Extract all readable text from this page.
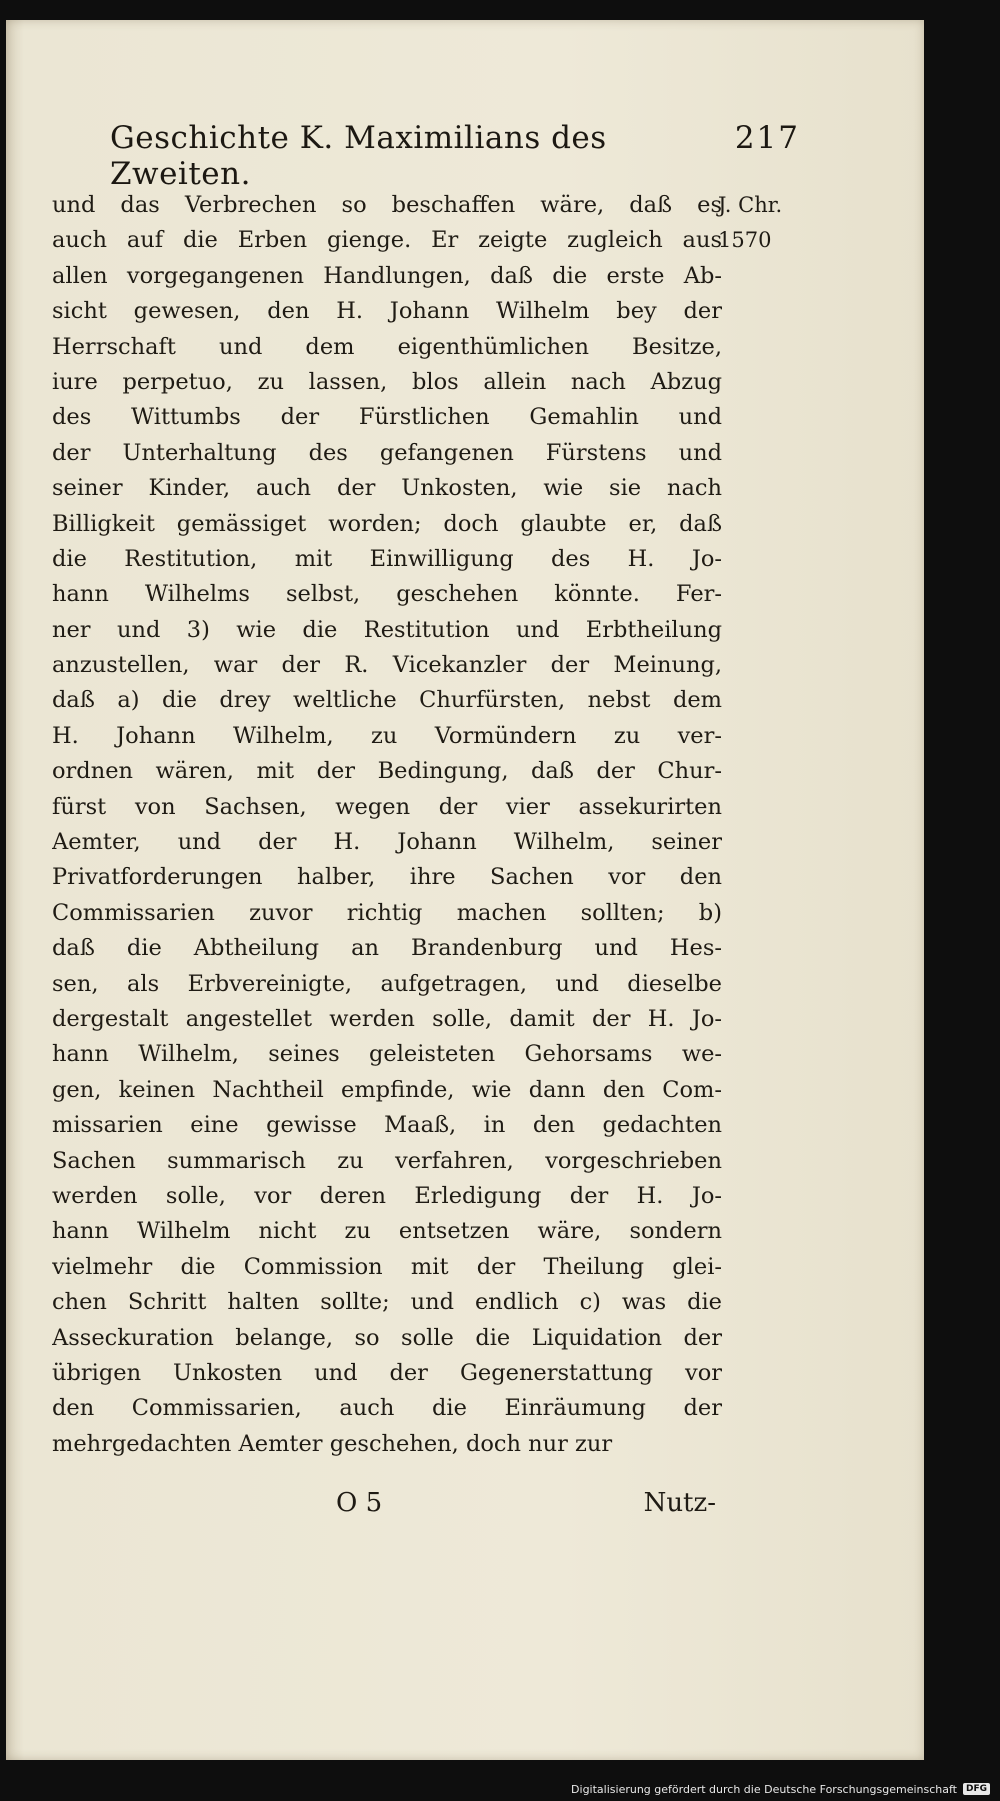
Geschichte K. Maximilians des Zweiten.
217
und das Verbrechen so beschaffen wäre, daß es
auch auf die Erben gienge. Er zeigte zugleich aus
allen vorgegangenen Handlungen, daß die erste Ab-
sicht gewesen, den H. Johann Wilhelm bey der
Herrschaft und dem eigenthümlichen Besitze,
iure perpetuo, zu lassen, blos allein nach Abzug
des Wittumbs der Fürstlichen Gemahlin und
der Unterhaltung des gefangenen Fürstens und
seiner Kinder, auch der Unkosten, wie sie nach
Billigkeit gemässiget worden; doch glaubte er, daß
die Restitution, mit Einwilligung des H. Jo-
hann Wilhelms selbst, geschehen könnte. Fer-
ner und 3) wie die Restitution und Erbtheilung
anzustellen, war der R. Vicekanzler der Meinung,
daß a) die drey weltliche Churfürsten, nebst dem
H. Johann Wilhelm, zu Vormündern zu ver-
ordnen wären, mit der Bedingung, daß der Chur-
fürst von Sachsen, wegen der vier assekurirten
Aemter, und der H. Johann Wilhelm, seiner
Privatforderungen halber, ihre Sachen vor den
Commissarien zuvor richtig machen sollten; b)
daß die Abtheilung an Brandenburg und Hes-
sen, als Erbvereinigte, aufgetragen, und dieselbe
dergestalt angestellet werden solle, damit der H. Jo-
hann Wilhelm, seines geleisteten Gehorsams we-
gen, keinen Nachtheil empfinde, wie dann den Com-
missarien eine gewisse Maaß, in den gedachten
Sachen summarisch zu verfahren, vorgeschrieben
werden solle, vor deren Erledigung der H. Jo-
hann Wilhelm nicht zu entsetzen wäre, sondern
vielmehr die Commission mit der Theilung glei-
chen Schritt halten sollte; und endlich c) was die
Asseckuration belange, so solle die Liquidation der
übrigen Unkosten und der Gegenerstattung vor
den Commissarien, auch die Einräumung der
mehrgedachten Aemter geschehen, doch nur zur
J. Chr.
1570
O 5	Nutz-
Digitalisierung gefördert durch die Deutsche Forschungsgemeinschaft	DFG
